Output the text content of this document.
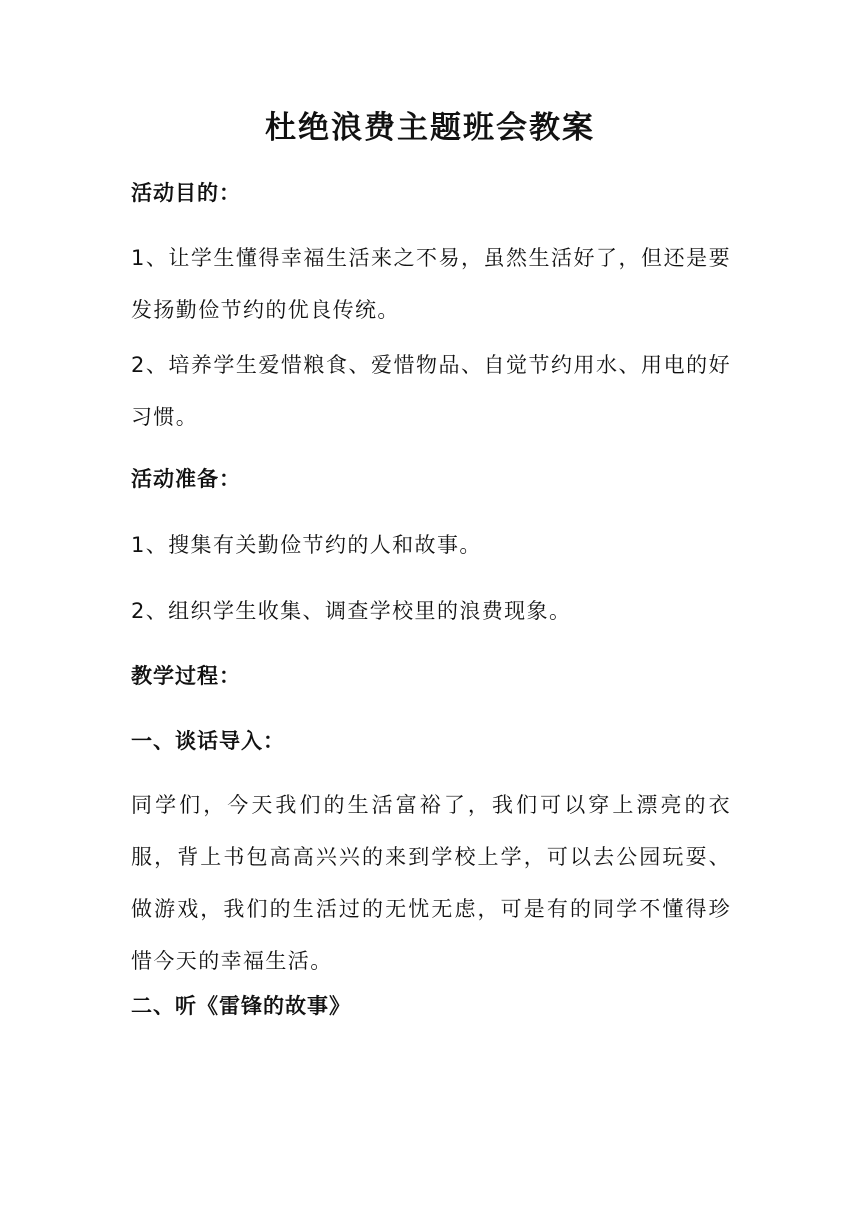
杜绝浪费主题班会教案
活动目的：
1、让学生懂得幸福生活来之不易，虽然生活好了，但还是要发扬勤俭节约的优良传统。
2、培养学生爱惜粮食、爱惜物品、自觉节约用水、用电的好习惯。
活动准备：
1、搜集有关勤俭节约的人和故事。
2、组织学生收集、调查学校里的浪费现象。
教学过程：
一、谈话导入：
同学们，今天我们的生活富裕了，我们可以穿上漂亮的衣服，背上书包高高兴兴的来到学校上学，可以去公园玩耍、做游戏，我们的生活过的无忧无虑，可是有的同学不懂得珍惜今天的幸福生活。
二、听《雷锋的故事》
